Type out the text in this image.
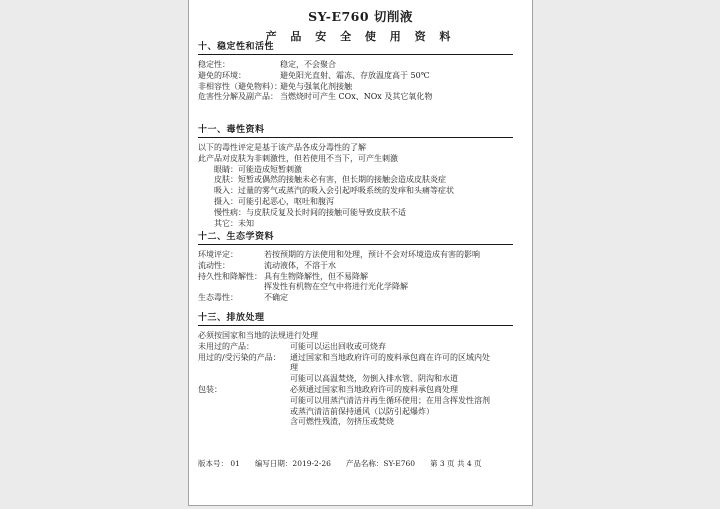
SY-E760 切削液
产 品 安 全 使 用 资 料
十、稳定性和活性
稳定性：	稳定，不会聚合
避免的环境：	避免阳光直射、霜冻、存放温度高于 50℃
非相容性（避免物料）：
避免与强氧化剂接触
危害性分解及副产品： 当燃烧时可产生 COx、NOx 及其它氧化物
十一、毒性资料
以下的毒性评定是基于该产品各成分毒性的了解
此产品对皮肤为非刺激性，但若使用不当下，可产生刺激
眼睛：可能造成短暂刺激
皮肤：短暂或偶然的接触未必有害，但长期的接触会造成皮肤炎症
吸入：过量的雾气或蒸汽的吸入会引起呼吸系统的发痒和头痛等症状
摄入：可能引起恶心，呕吐和腹泻
慢性病：与皮肤反复及长时间的接触可能导致皮肤不适
其它：未知
十二、生态学资料
环境评定：	若按预期的方法使用和处理，预计不会对环境造成有害的影响
流动性：	流动液体，不溶于水
持久性和降解性： 具有生物降解性，但不易降解
挥发性有机物在空气中将进行光化学降解
生态毒性：	不确定
十三、排放处理
必须按国家和当地的法规进行处理
未用过的产品：	可能可以运出回收或可烧弃
用过的/受污染的产品：	通过国家和当地政府许可的废料承包商在许可的区域内处理
可能可以高温焚烧，勿倒入排水管、阴沟和水道
包装：	必须通过国家和当地政府许可的废料承包商处理
可能可以用蒸汽清洁并再生循环使用；在用含挥发性溶剂或蒸汽清洁前保持通风（以防引起爆炸）
含可燃性残渣，勿挤压或焚烧
版本号： 01 编写日期：2019-2-26 产品名称：SY-E760 第 3 页 共 4 页
